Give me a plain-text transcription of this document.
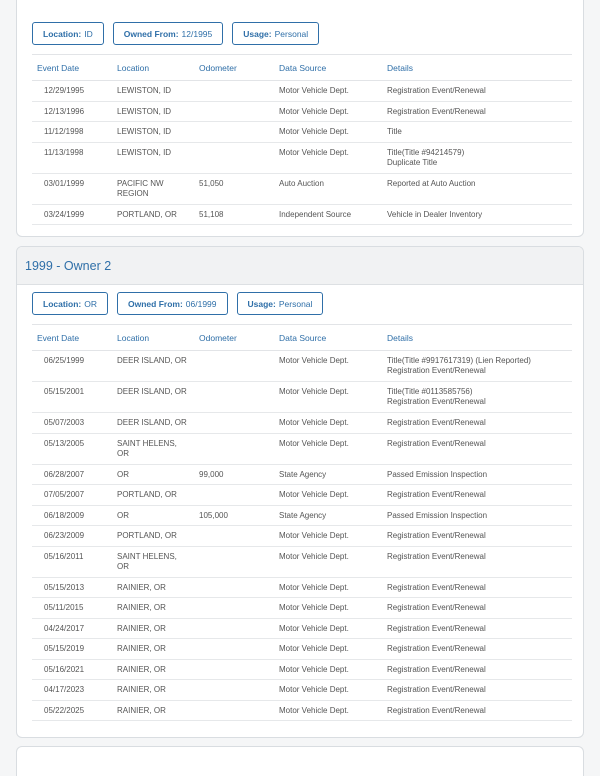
Location: ID	Owned From: 12/1995	Usage: Personal
Event Date	Location	Odometer	Data Source	Details
12/29/1995	LEWISTON, ID		Motor Vehicle Dept.	Registration Event/Renewal
12/13/1996	LEWISTON, ID		Motor Vehicle Dept.	Registration Event/Renewal
11/12/1998	LEWISTON, ID		Motor Vehicle Dept.	Title
11/13/1998	LEWISTON, ID		Motor Vehicle Dept.	Title(Title #94214579)
Duplicate Title
03/01/1999	PACIFIC NW
REGION	51,050	Auto Auction	Reported at Auto Auction
03/24/1999	PORTLAND, OR	51,108	Independent Source	Vehicle in Dealer Inventory
1999 - Owner 2
Location: OR	Owned From: 06/1999	Usage: Personal
Event Date	Location	Odometer	Data Source	Details
06/25/1999	DEER ISLAND, OR		Motor Vehicle Dept.	Title(Title #9917617319) (Lien Reported)
Registration Event/Renewal
05/15/2001	DEER ISLAND, OR		Motor Vehicle Dept.	Title(Title #0113585756)
Registration Event/Renewal
05/07/2003	DEER ISLAND, OR		Motor Vehicle Dept.	Registration Event/Renewal
05/13/2005	SAINT HELENS,
OR		Motor Vehicle Dept.	Registration Event/Renewal
06/28/2007	OR	99,000	State Agency	Passed Emission Inspection
07/05/2007	PORTLAND, OR		Motor Vehicle Dept.	Registration Event/Renewal
06/18/2009	OR	105,000	State Agency	Passed Emission Inspection
06/23/2009	PORTLAND, OR		Motor Vehicle Dept.	Registration Event/Renewal
05/16/2011	SAINT HELENS,
OR		Motor Vehicle Dept.	Registration Event/Renewal
05/15/2013	RAINIER, OR		Motor Vehicle Dept.	Registration Event/Renewal
05/11/2015	RAINIER, OR		Motor Vehicle Dept.	Registration Event/Renewal
04/24/2017	RAINIER, OR		Motor Vehicle Dept.	Registration Event/Renewal
05/15/2019	RAINIER, OR		Motor Vehicle Dept.	Registration Event/Renewal
05/16/2021	RAINIER, OR		Motor Vehicle Dept.	Registration Event/Renewal
04/17/2023	RAINIER, OR		Motor Vehicle Dept.	Registration Event/Renewal
05/22/2025	RAINIER, OR		Motor Vehicle Dept.	Registration Event/Renewal
